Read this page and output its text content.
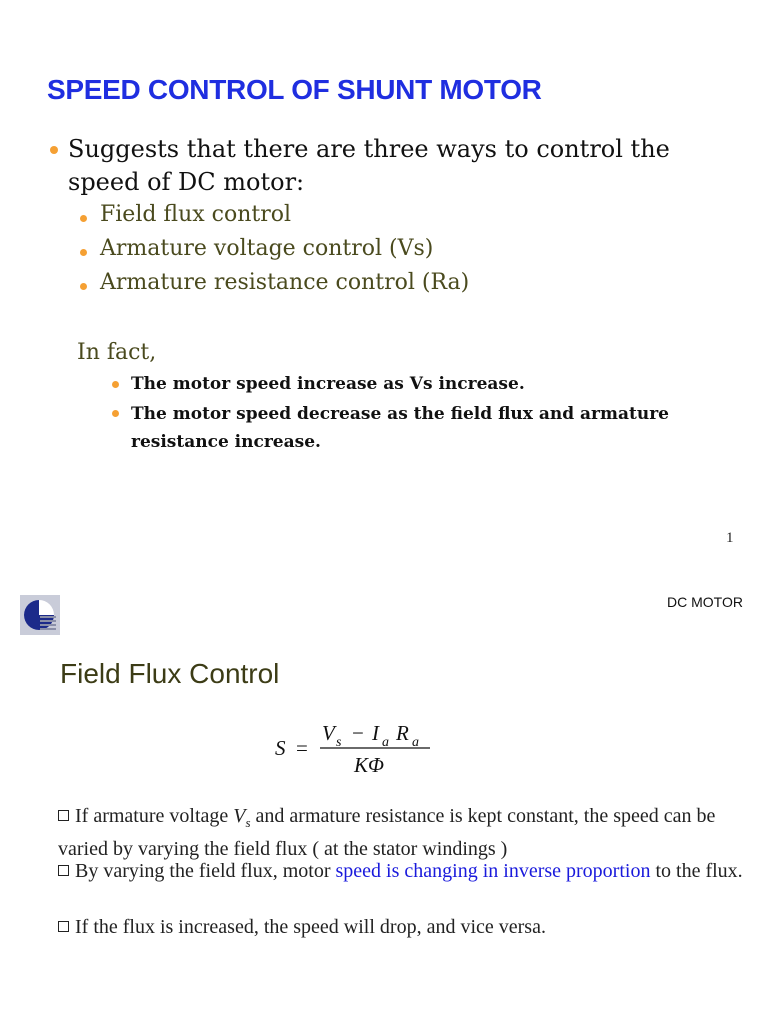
SPEED CONTROL OF SHUNT MOTOR
Suggests that there are three ways to control the speed of DC motor:
Field flux control
Armature voltage control (Vs)
Armature resistance control (Ra)
In fact,
The motor speed increase as Vs increase.
The motor speed decrease as the field flux and armature resistance increase.
1
DC MOTOR
Field Flux Control
S =
V s − I a R a
KΦ
If armature voltage $V_s$ and armature resistance is kept constant, the speed can be varied by varying the field flux ( at the stator windings )
By varying the field flux, motor speed is changing in inverse proportion to the flux.
If the flux is increased, the speed will drop, and vice versa.
